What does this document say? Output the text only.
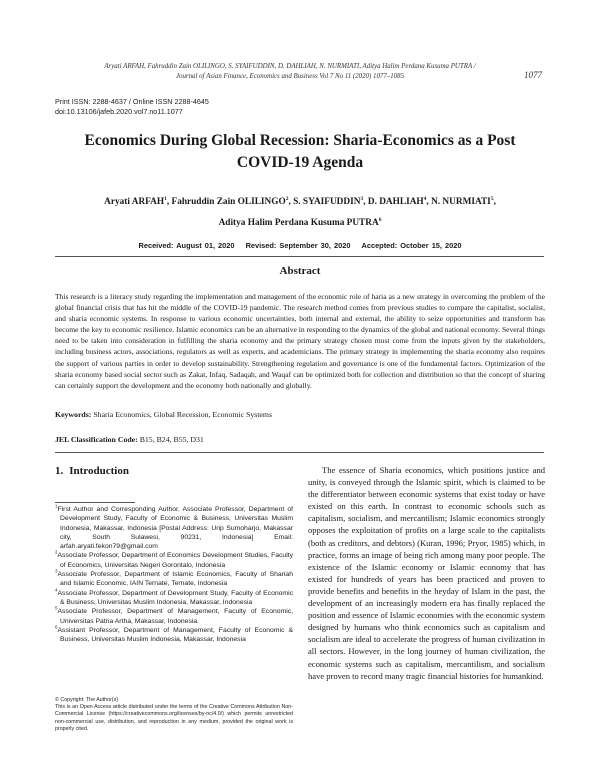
Aryati ARFAH, Fahruddin Zain OLILINGO, S. SYAIFUDDIN, D. DAHLIAH, N. NURMIATI, Aditya Halim Perdana Kusuma PUTRA /
Journal of Asian Finance, Economics and Business Vol 7 No 11 (2020) 1077–1085	1077
Print ISSN: 2288-4637 / Online ISSN 2288-4645
doi:10.13106/jafeb.2020.vol7.no11.1077
Economics During Global Recession: Sharia-Economics as a Post
COVID-19 Agenda
Aryati ARFAH$^1$, Fahruddin Zain OLILINGO$^2$, S. SYAIFUDDIN$^3$, D. DAHLIAH$^4$, N. NURMIATI$^5$,
Aditya Halim Perdana Kusuma PUTRA$^6$
Received: August 01, 2020 Revised: September 30, 2020 Accepted: October 15, 2020
Abstract

This research is a literacy study regarding the implementation and management of the economic role of haria as a new strategy in overcoming the problem of the global financial crisis that has hit the middle of the COVID-19 pandemic. The research method comes from previous studies to compare the capitalist, socialist, and sharia economic systems. In response to various economic uncertainties, both internal and external, the ability to seize opportunities and transform has become the key to economic resilience. Islamic economics can be an alternative in responding to the dynamics of the global and national economy. Several things need to be taken into consideration in fulfilling the sharia economy and the primary strategy chosen must come from the inputs given by the stakeholders, including business actors, associations, regulators as well as experts, and academicians. The primary strategy in implementing the sharia economy also requires the support of various parties in order to develop sustainability. Strengthening regulation and governance is one of the fundamental factors. Optimization of the sharia economy based social sector such as Zakat, Infaq, Sadaqah, and Waqaf can be optimized both for collection and distribution so that the concept of sharing can certainly support the development and the economy both nationally and globally.

Keywords: Sharia Economics, Global Recession, Economic Systems
JEL Classification Code: B15, B24, B55, D31
1. Introduction

$^1$First Author and Corresponding Author. Associate Professor, Department of Development Study, Faculty of Economic & Business, Universitas Muslim Indonesia, Makassar, Indonesia [Postal Address: Urip Sumoharjo, Makassar city, South Sulawesi, 90231, Indonesia] Email: arfah.aryati.fekon79@gmail.com

$^2$Associate Professor, Department of Economics Development Studies, Faculty of Economics, Universitas Negeri Gorontalo, Indonesia

$^3$Associate Professor, Department of Islamic Economics, Faculty of Shariah and Islamic Economic, IAIN Ternate, Ternate, Indonesia

$^4$Associate Professor, Department of Development Study, Faculty of Economic & Business, Universitas Muslim Indonesia, Makassar, Indonesia

$^5$Associate Professor, Department of Management, Faculty of Economic, Universitas Patria Artha, Makassar, Indonesia.

$^6$Assistant Professor, Department of Management, Faculty of Economic & Business, Universitas Muslim Indonesia, Makassar, Indonesia

© Copyright: The Author(s)
This is an Open Access article distributed under the terms of the Creative Commons Attribution Non-Commercial License (https://creativecommons.org/licenses/by-nc/4.0/) which permits unrestricted non-commercial use, distribution, and reproduction in any medium, provided the original work is properly cited.

The essence of Sharia economics, which positions justice and unity, is conveyed through the Islamic spirit, which is claimed to be the differentiator between economic systems that exist today or have existed on this earth. In contrast to economic schools such as capitalism, socialism, and mercantilism; Islamic economics strongly opposes the exploitation of profits on a large scale to the capitalists (both as creditors, and debtors) (Kuran, 1996; Pryor, 1985) which, in practice, forms an image of being rich among many poor people. The existence of the Islamic economy or Islamic economy that has existed for hundreds of years has been practiced and proven to provide benefits and benefits in the heyday of Islam in the past, the development of an increasingly modern era has finally replaced the position and essence of Islamic economies with the economic system designed by humans who think economics such as capitalism and socialism are ideal to accelerate the progress of human civilization in all sectors. However, in the long journey of human civilization, the economic systems such as capitalism, mercantilism, and socialism have proven to record many tragic financial histories for humankind.
